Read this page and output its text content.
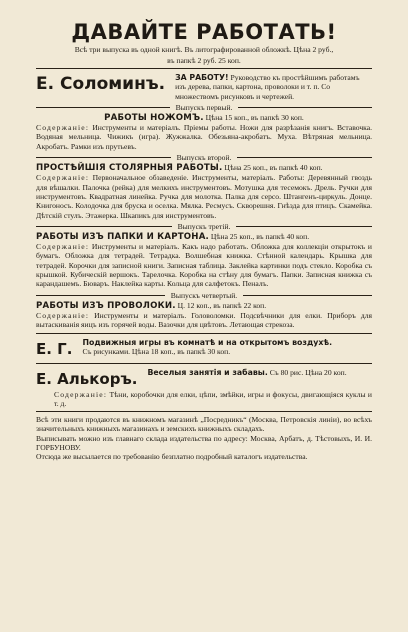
ДАВАЙТЕ РАБОТАТЬ!

Всѣ три выпуска въ одной книгѣ. Въ литографированной обложкѣ. Цѣна 2 руб.,

въ папкѣ 2 руб. 25 коп.

Е. Соломинъ. ЗА РАБОТУ! Руководство къ простѣйшимъ работамъ изъ дерева, папки, картона, проволоки и т. п. Со множествомъ рисунковъ и чертежей.
Выпускъ первый.

РАБОТЫ НОЖОМЪ. Цѣна 15 коп., въ папкѣ 30 коп.

Содержаніе: Инструменты и матеріалъ. Пріемы работы. Ножи для разрѣзанія книгъ. Вставочка. Водяная мельница. Чижикъ (игра). Жужжалка. Обезьяна-акробатъ. Муха. Вѣтряная мельница. Акробатъ. Рамки изъ прутьевъ.

Выпускъ второй.

ПРОСТѢЙШІЯ СТОЛЯРНЫЯ РАБОТЫ. Цѣна 25 коп., въ папкѣ 40 коп.

Содержаніе: Первоначальное обзаведеніе. Инструменты, матеріалъ. Работы: Деревянный гвоздь для вѣшалки. Палочка (рейка) для мелкихъ инструментовъ. Мотушка для тесемокъ. Дрель. Ручки для инструментовъ. Квадратная линейка. Ручка для молотка. Палка для серсо. Штангенъ-циркуль. Донце. Книгоносъ. Колодочка для бруска и оселка. Мялка. Ресмусъ. Скворешня. Гнѣзда для птицъ. Скамейка. Дѣтскій стулъ. Этажерка. Шкапикъ для инструментовъ.

Выпускъ третій.

РАБОТЫ ИЗЪ ПАПКИ И КАРТОНА. Цѣна 25 коп., въ папкѣ 40 коп.

Содержаніе: Инструменты и матеріалъ. Какъ надо работать. Обложка для коллекціи открытокъ и бумагъ. Обложка для тетрадей. Тетрадка. Волшебная книжка. Стѣнной календарь. Крышка для тетрадей. Корочки для записной книги. Записная таблица. Заклейка картинки подъ стекло. Коробка съ крышкой. Кубическій вершокъ. Тарелочка. Коробка на стѣну для бумагъ. Папки. Записная книжка съ карандашемъ. Бюваръ. Наклейка карты. Кольца для салфетокъ. Пеналъ.

Выпускъ четвертый.

РАБОТЫ ИЗЪ ПРОВОЛОКИ. Ц. 12 коп., въ папкѣ 22 коп.

Содержаніе: Инструменты и матеріалъ. Головоломки. Подсвѣчники для елки. Приборъ для вытаскиванія яицъ изъ горячей воды. Вазочки для цвѣтовъ. Летающая стрекоза.

Е. Г. Подвижныя игры въ комнатѣ и на открытомъ воздухѣ.
Съ рисунками. Цѣна 18 коп., въ папкѣ 30 коп.
Е. Алькоръ. Веселыя занятія и забавы. Съ 80 рис. Цѣна 20 коп.

Содержаніе: Тѣни, коробочки для елки, цѣпи, змѣйки, игры и фокусы, двигающіяся куклы и т. д.

Всѣ эти книги продаются въ книжномъ магазинѣ „Посредникъ“ (Москва, Петровскія линіи), во всѣхъ значительныхъ книжныхъ магазинахъ и земскихъ книжныхъ складахъ.

Выписывать можно изъ главнаго склада издательства по адресу: Москва, Арбатъ, д. Тѣстовыхъ, И. И. ГОРБУНОВУ.

Отсюда же высылается по требованію безплатно подробный каталогъ издательства.
